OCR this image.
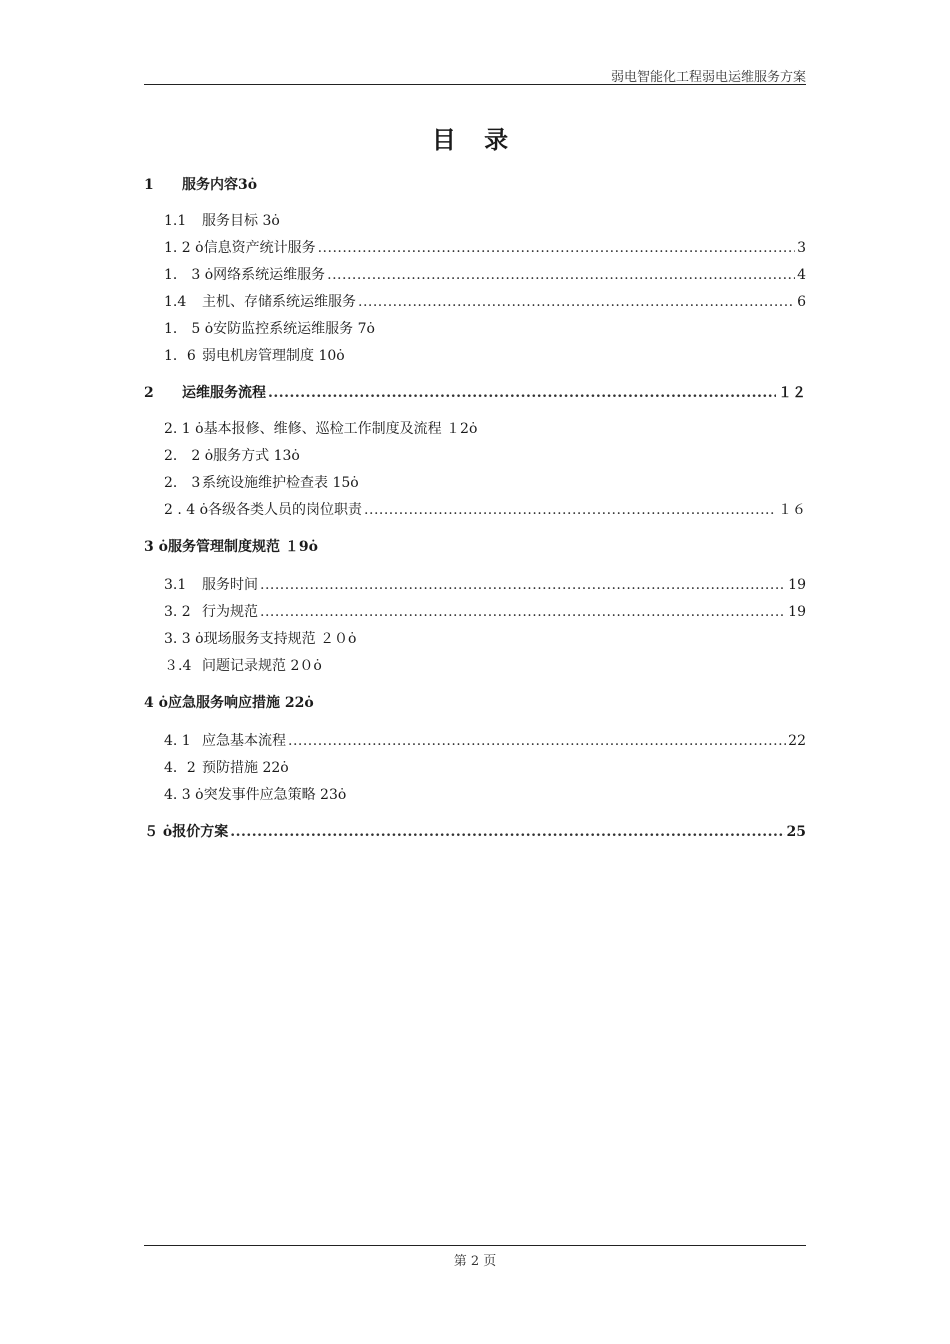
弱电智能化工程弱电运维服务方案
目 录
1	服务内容3 ȯ
1.1	服务目标 3 ȯ
1. 2 ȯ 信息资产统计服务 .....	3
1． 3 ȯ 网络系统运维服务 .....	4
1.4	主机、存储系统运维服务 .....	6
1． 5 ȯ 安防监控系统运维服务 7 ȯ
1．6 弱电机房管理制度 10 ȯ
2	运维服务流程 .....	１２
2. 1 ȯ 基本报修、维修、巡检工作制度及流程 １2 ȯ
2． 2 ȯ 服务方式 13 ȯ
2． 3 系统设施维护检查表 15 ȯ
2 . 4 ȯ 各级各类人员的岗位职责 .....	１６
3 ȯ 服务管理制度规范 １9 ȯ
3.1	服务时间 .....	19
3. 2 行为规范 .....	19
3. 3 ȯ 现场服务支持规范 ２０ ȯ
３.4 问题记录规范 2０ ȯ
4 ȯ 应急服务响应措施 22 ȯ
4. 1 应急基本流程 .....	22
4．2 预防措施 22 ȯ
4. 3 ȯ 突发事件应急策略 23 ȯ
５ ȯ 报价方案 .....	25
第 2 页
